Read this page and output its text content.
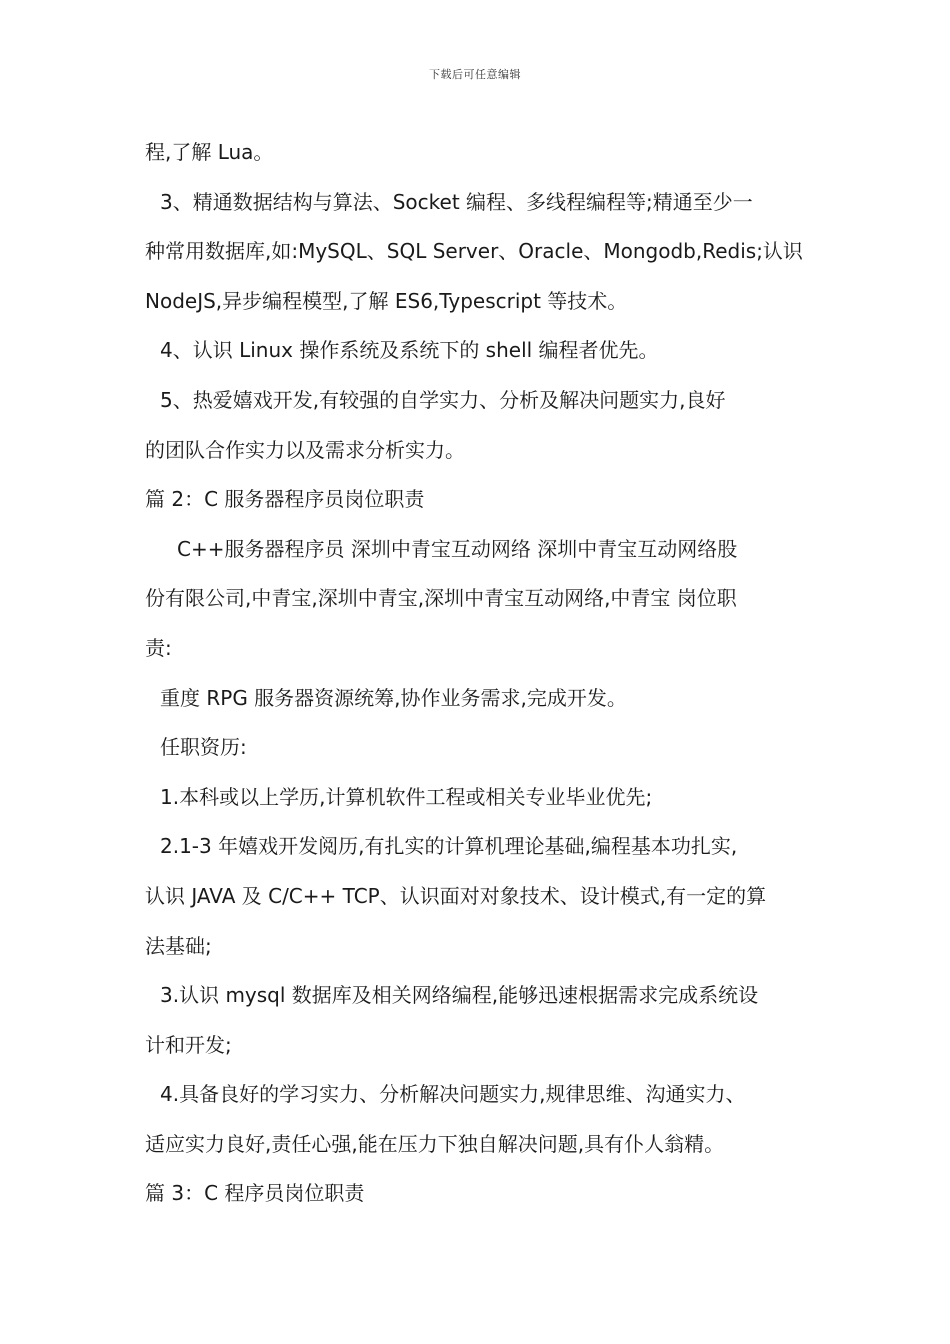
下载后可任意编辑
程,了解 Lua。
3、精通数据结构与算法、Socket 编程、多线程编程等;精通至少一
种常用数据库,如:MySQL、SQL Server、Oracle、Mongodb,Redis;认识
NodeJS,异步编程模型,了解 ES6,Typescript 等技术。
4、认识 Linux 操作系统及系统下的 shell 编程者优先。
5、热爱嬉戏开发,有较强的自学实力、分析及解决问题实力,良好
的团队合作实力以及需求分析实力。
篇 2：C 服务器程序员岗位职责
C++服务器程序员 深圳中青宝互动网络 深圳中青宝互动网络股
份有限公司,中青宝,深圳中青宝,深圳中青宝互动网络,中青宝 岗位职
责:
重度 RPG 服务器资源统筹,协作业务需求,完成开发。
任职资历:
1.本科或以上学历,计算机软件工程或相关专业毕业优先;
2.1-3 年嬉戏开发阅历,有扎实的计算机理论基础,编程基本功扎实,
认识 JAVA 及 C/C++ TCP、认识面对对象技术、设计模式,有一定的算
法基础;
3.认识 mysql 数据库及相关网络编程,能够迅速根据需求完成系统设
计和开发;
4.具备良好的学习实力、分析解决问题实力,规律思维、沟通实力、
适应实力良好,责任心强,能在压力下独自解决问题,具有仆人翁精。
篇 3：C 程序员岗位职责
